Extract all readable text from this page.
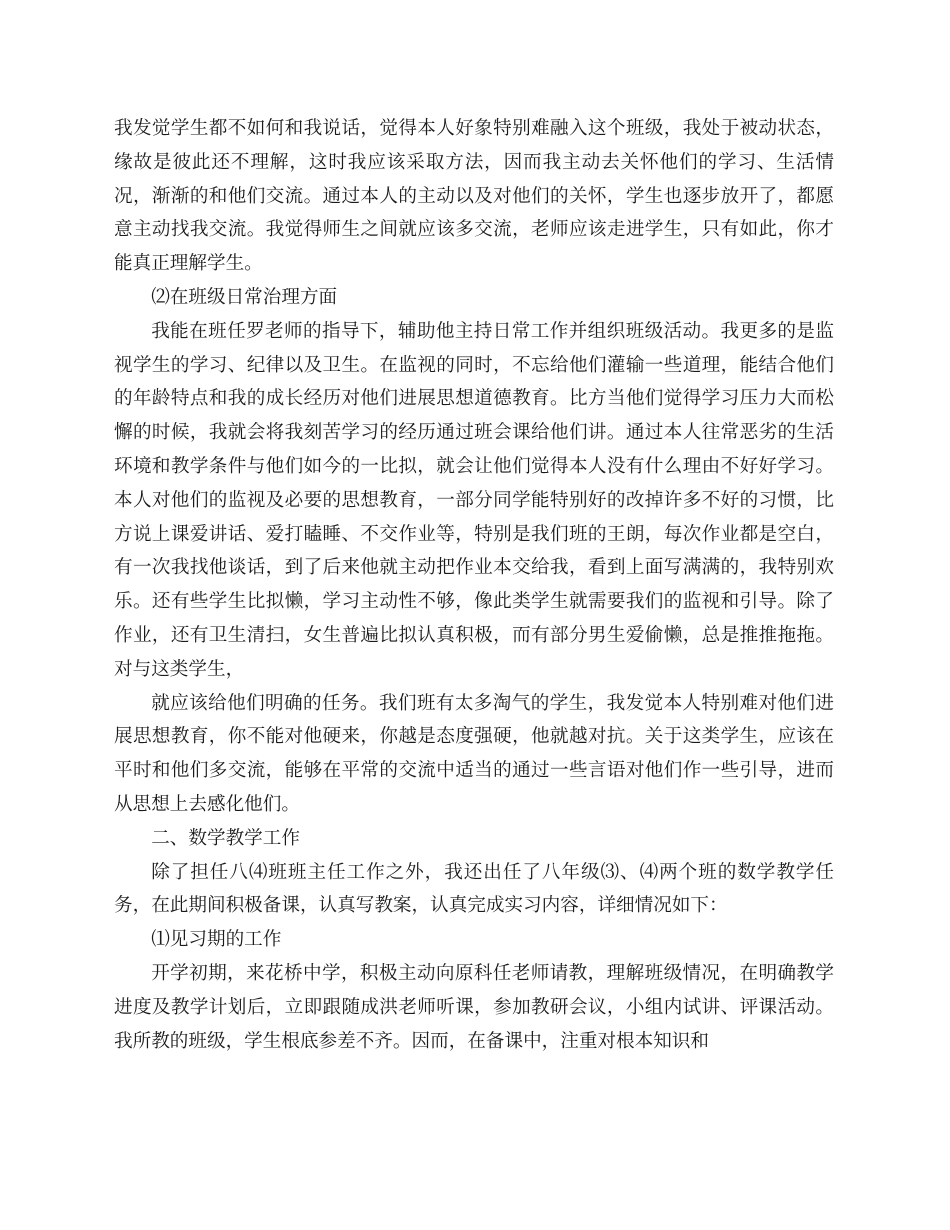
我发觉学生都不如何和我说话，觉得本人好象特别难融入这个班级，我处于被动状态，缘故是彼此还不理解，这时我应该采取方法，因而我主动去关怀他们的学习、生活情况，渐渐的和他们交流。通过本人的主动以及对他们的关怀，学生也逐步放开了，都愿意主动找我交流。我觉得师生之间就应该多交流，老师应该走进学生，只有如此，你才能真正理解学生。

⑵在班级日常治理方面

我能在班任罗老师的指导下，辅助他主持日常工作并组织班级活动。我更多的是监视学生的学习、纪律以及卫生。在监视的同时，不忘给他们灌输一些道理，能结合他们的年龄特点和我的成长经历对他们进展思想道德教育。比方当他们觉得学习压力大而松懈的时候，我就会将我刻苦学习的经历通过班会课给他们讲。通过本人往常恶劣的生活环境和教学条件与他们如今的一比拟，就会让他们觉得本人没有什么理由不好好学习。本人对他们的监视及必要的思想教育，一部分同学能特别好的改掉许多不好的习惯，比方说上课爱讲话、爱打瞌睡、不交作业等，特别是我们班的王朗，每次作业都是空白，有一次我找他谈话，到了后来他就主动把作业本交给我，看到上面写满满的，我特别欢乐。还有些学生比拟懒，学习主动性不够，像此类学生就需要我们的监视和引导。除了作业，还有卫生清扫，女生普遍比拟认真积极，而有部分男生爱偷懒，总是推推拖拖。对与这类学生，

就应该给他们明确的任务。我们班有太多淘气的学生，我发觉本人特别难对他们进展思想教育，你不能对他硬来，你越是态度强硬，他就越对抗。关于这类学生，应该在平时和他们多交流，能够在平常的交流中适当的通过一些言语对他们作一些引导，进而从思想上去感化他们。

二、数学教学工作

除了担任八⑷班班主任工作之外，我还出任了八年级⑶、⑷两个班的数学教学任务，在此期间积极备课，认真写教案，认真完成实习内容，详细情况如下：

⑴见习期的工作

开学初期，来花桥中学，积极主动向原科任老师请教，理解班级情况，在明确教学进度及教学计划后，立即跟随成洪老师听课，参加教研会议，小组内试讲、评课活动。我所教的班级，学生根底参差不齐。因而，在备课中，注重对根本知识和
